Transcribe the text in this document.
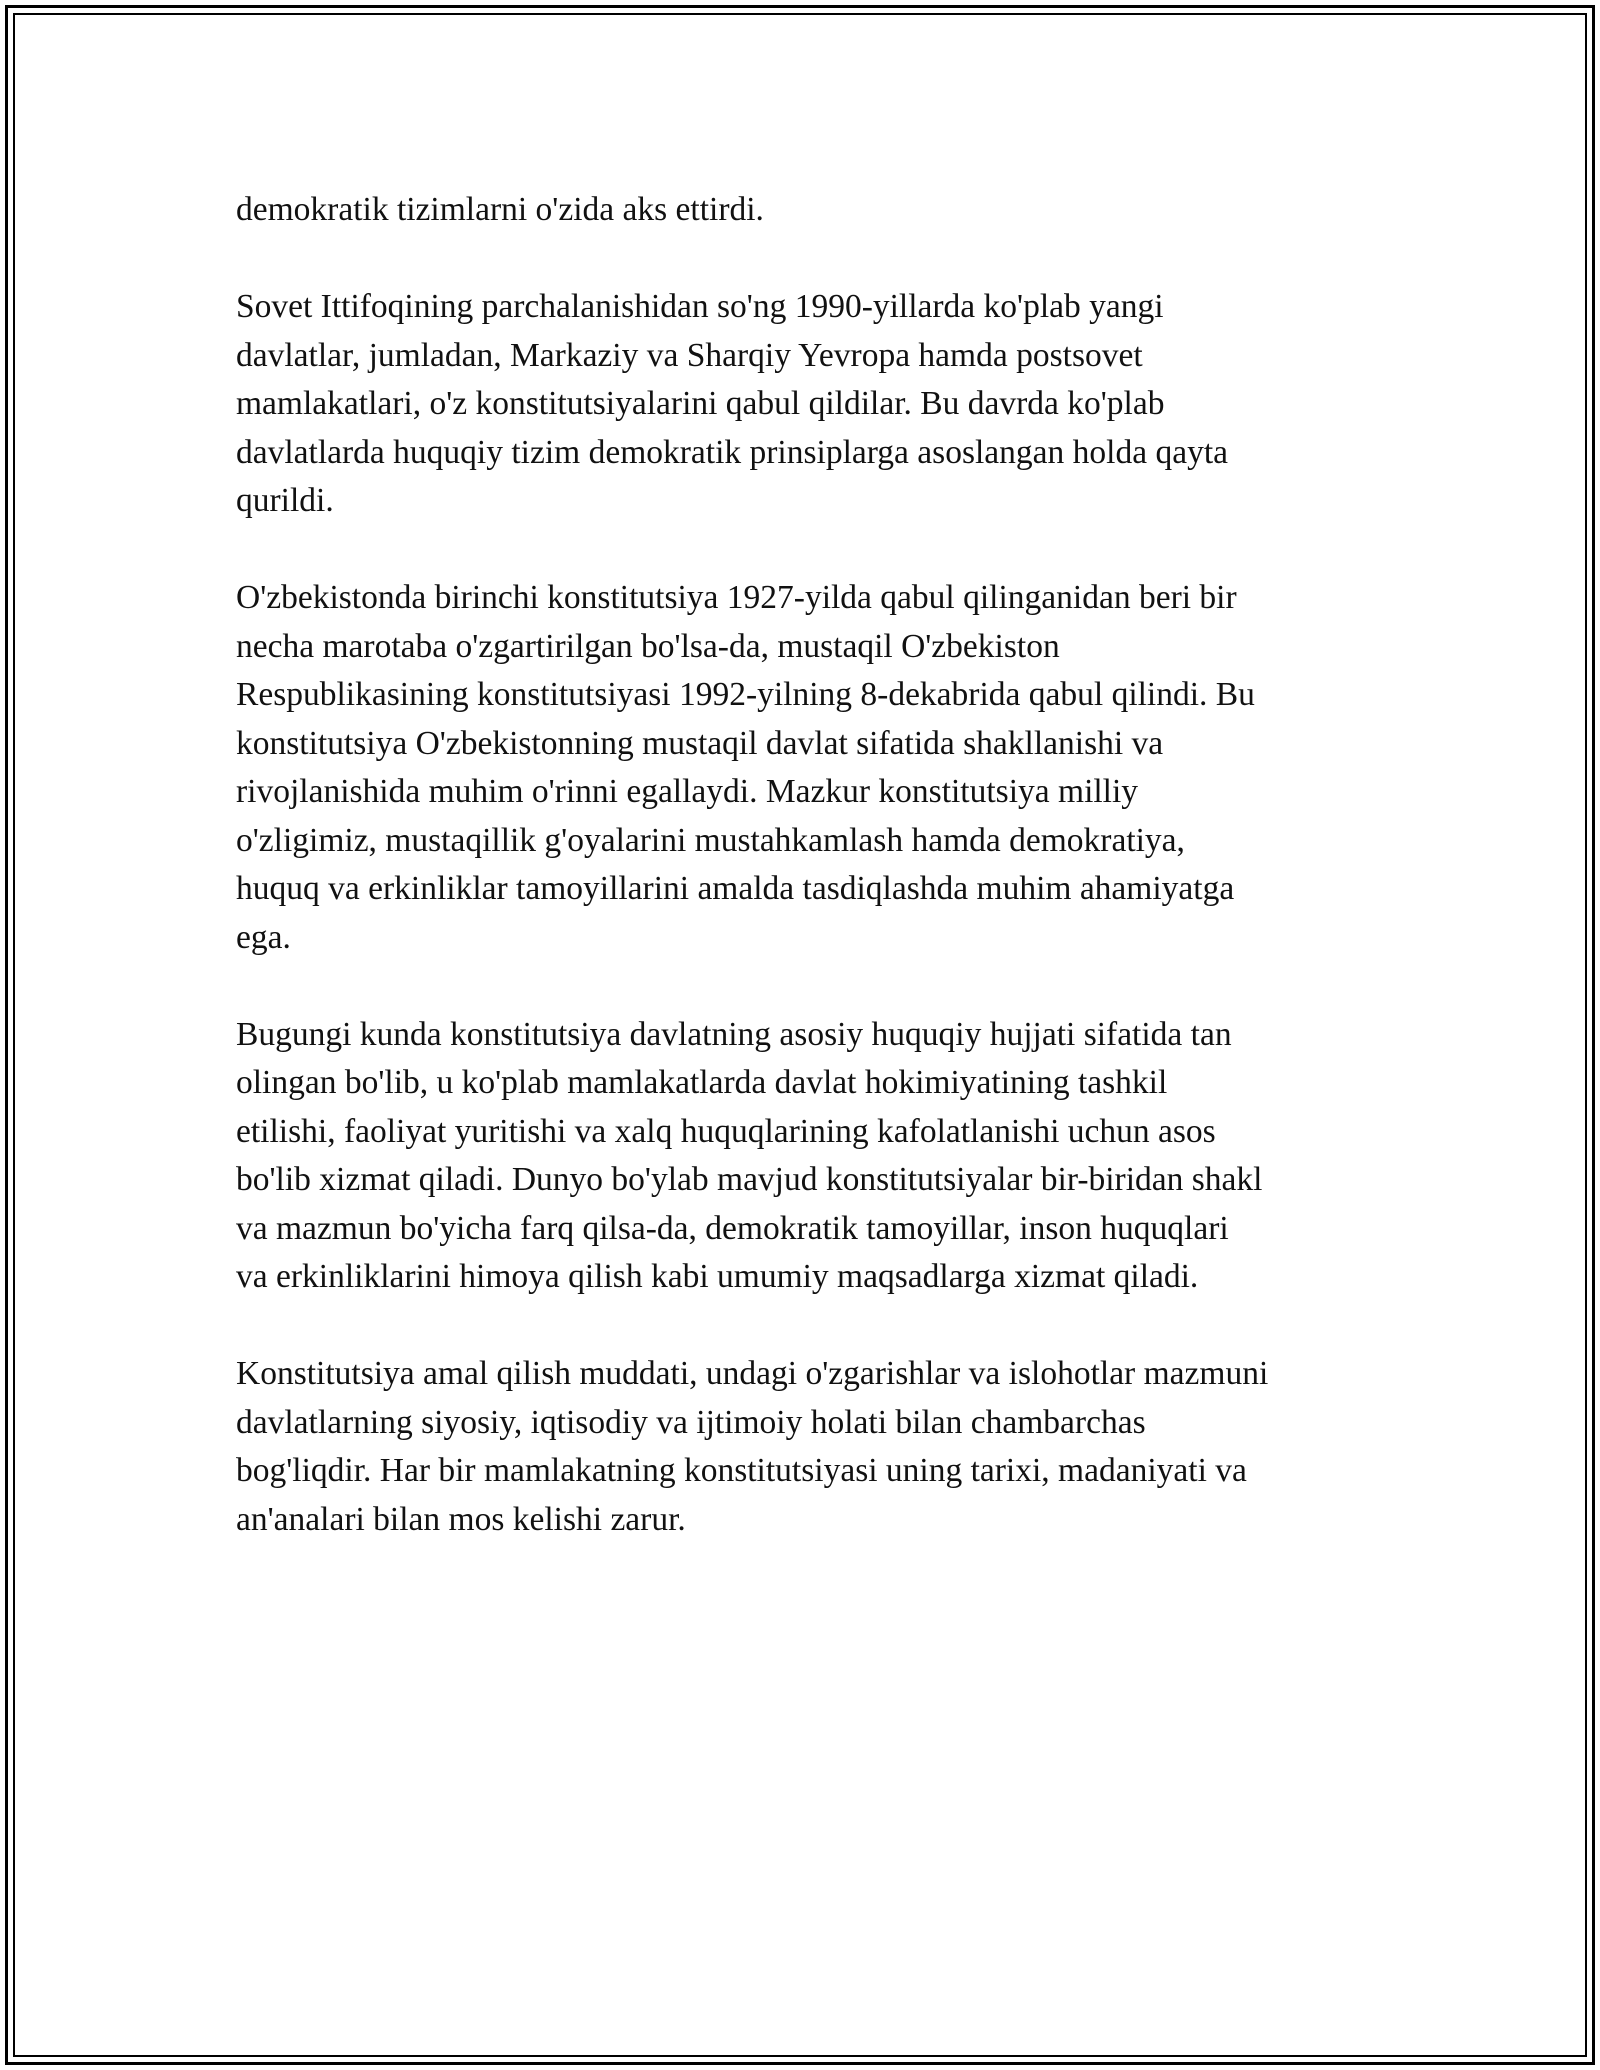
demokratik tizimlarni o'zida aks ettirdi.

Sovet Ittifoqining parchalanishidan so'ng 1990-yillarda ko'plab yangi
davlatlar, jumladan, Markaziy va Sharqiy Yevropa hamda postsovet
mamlakatlari, o'z konstitutsiyalarini qabul qildilar. Bu davrda ko'plab
davlatlarda huquqiy tizim demokratik prinsiplarga asoslangan holda qayta
qurildi.

O'zbekistonda birinchi konstitutsiya 1927-yilda qabul qilinganidan beri bir
necha marotaba o'zgartirilgan bo'lsa-da, mustaqil O'zbekiston
Respublikasining konstitutsiyasi 1992-yilning 8-dekabrida qabul qilindi. Bu
konstitutsiya O'zbekistonning mustaqil davlat sifatida shakllanishi va
rivojlanishida muhim o'rinni egallaydi. Mazkur konstitutsiya milliy
o'zligimiz, mustaqillik g'oyalarini mustahkamlash hamda demokratiya,
huquq va erkinliklar tamoyillarini amalda tasdiqlashda muhim ahamiyatga
ega.

Bugungi kunda konstitutsiya davlatning asosiy huquqiy hujjati sifatida tan
olingan bo'lib, u ko'plab mamlakatlarda davlat hokimiyatining tashkil
etilishi, faoliyat yuritishi va xalq huquqlarining kafolatlanishi uchun asos
bo'lib xizmat qiladi. Dunyo bo'ylab mavjud konstitutsiyalar bir-biridan shakl
va mazmun bo'yicha farq qilsa-da, demokratik tamoyillar, inson huquqlari
va erkinliklarini himoya qilish kabi umumiy maqsadlarga xizmat qiladi.

Konstitutsiya amal qilish muddati, undagi o'zgarishlar va islohotlar mazmuni
davlatlarning siyosiy, iqtisodiy va ijtimoiy holati bilan chambarchas
bog'liqdir. Har bir mamlakatning konstitutsiyasi uning tarixi, madaniyati va
an'analari bilan mos kelishi zarur.
